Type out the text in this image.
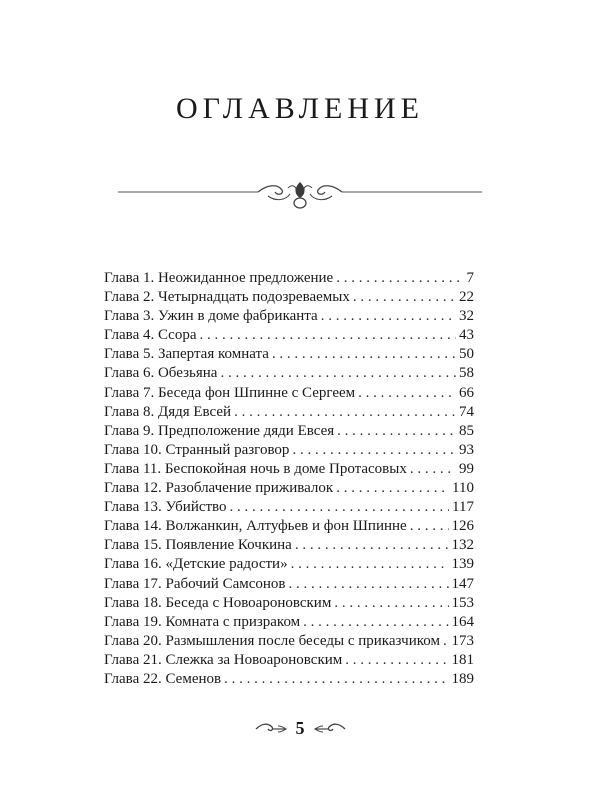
ОГЛАВЛЕНИЕ
Глава 1. Неожиданное предложение . . .	7
Глава 2. Четырнадцать подозреваемых . . .	22
Глава 3. Ужин в доме фабриканта . . .	32
Глава 4. Ссора . . .	43
Глава 5. Запертая комната . . .	50
Глава 6. Обезьяна . . .	58
Глава 7. Беседа фон Шпинне с Сергеем . . .	66
Глава 8. Дядя Евсей . . .	74
Глава 9. Предположение дяди Евсея . . .	85
Глава 10. Странный разговор . . .	93
Глава 11. Беспокойная ночь в доме Протасовых . . .	99
Глава 12. Разоблачение приживалок . . .	110
Глава 13. Убийство . . .	117
Глава 14. Волжанкин, Алтуфьев и фон Шпинне . . .	126
Глава 15. Появление Кочкина . . .	132
Глава 16. «Детские радости» . . .	139
Глава 17. Рабочий Самсонов . . .	147
Глава 18. Беседа с Новоароновским . . .	153
Глава 19. Комната с призраком . . .	164
Глава 20. Размышления после беседы с приказчиком . . . 173
Глава 21. Слежка за Новоароновским . . .	181
Глава 22. Семенов . . .	189
5
